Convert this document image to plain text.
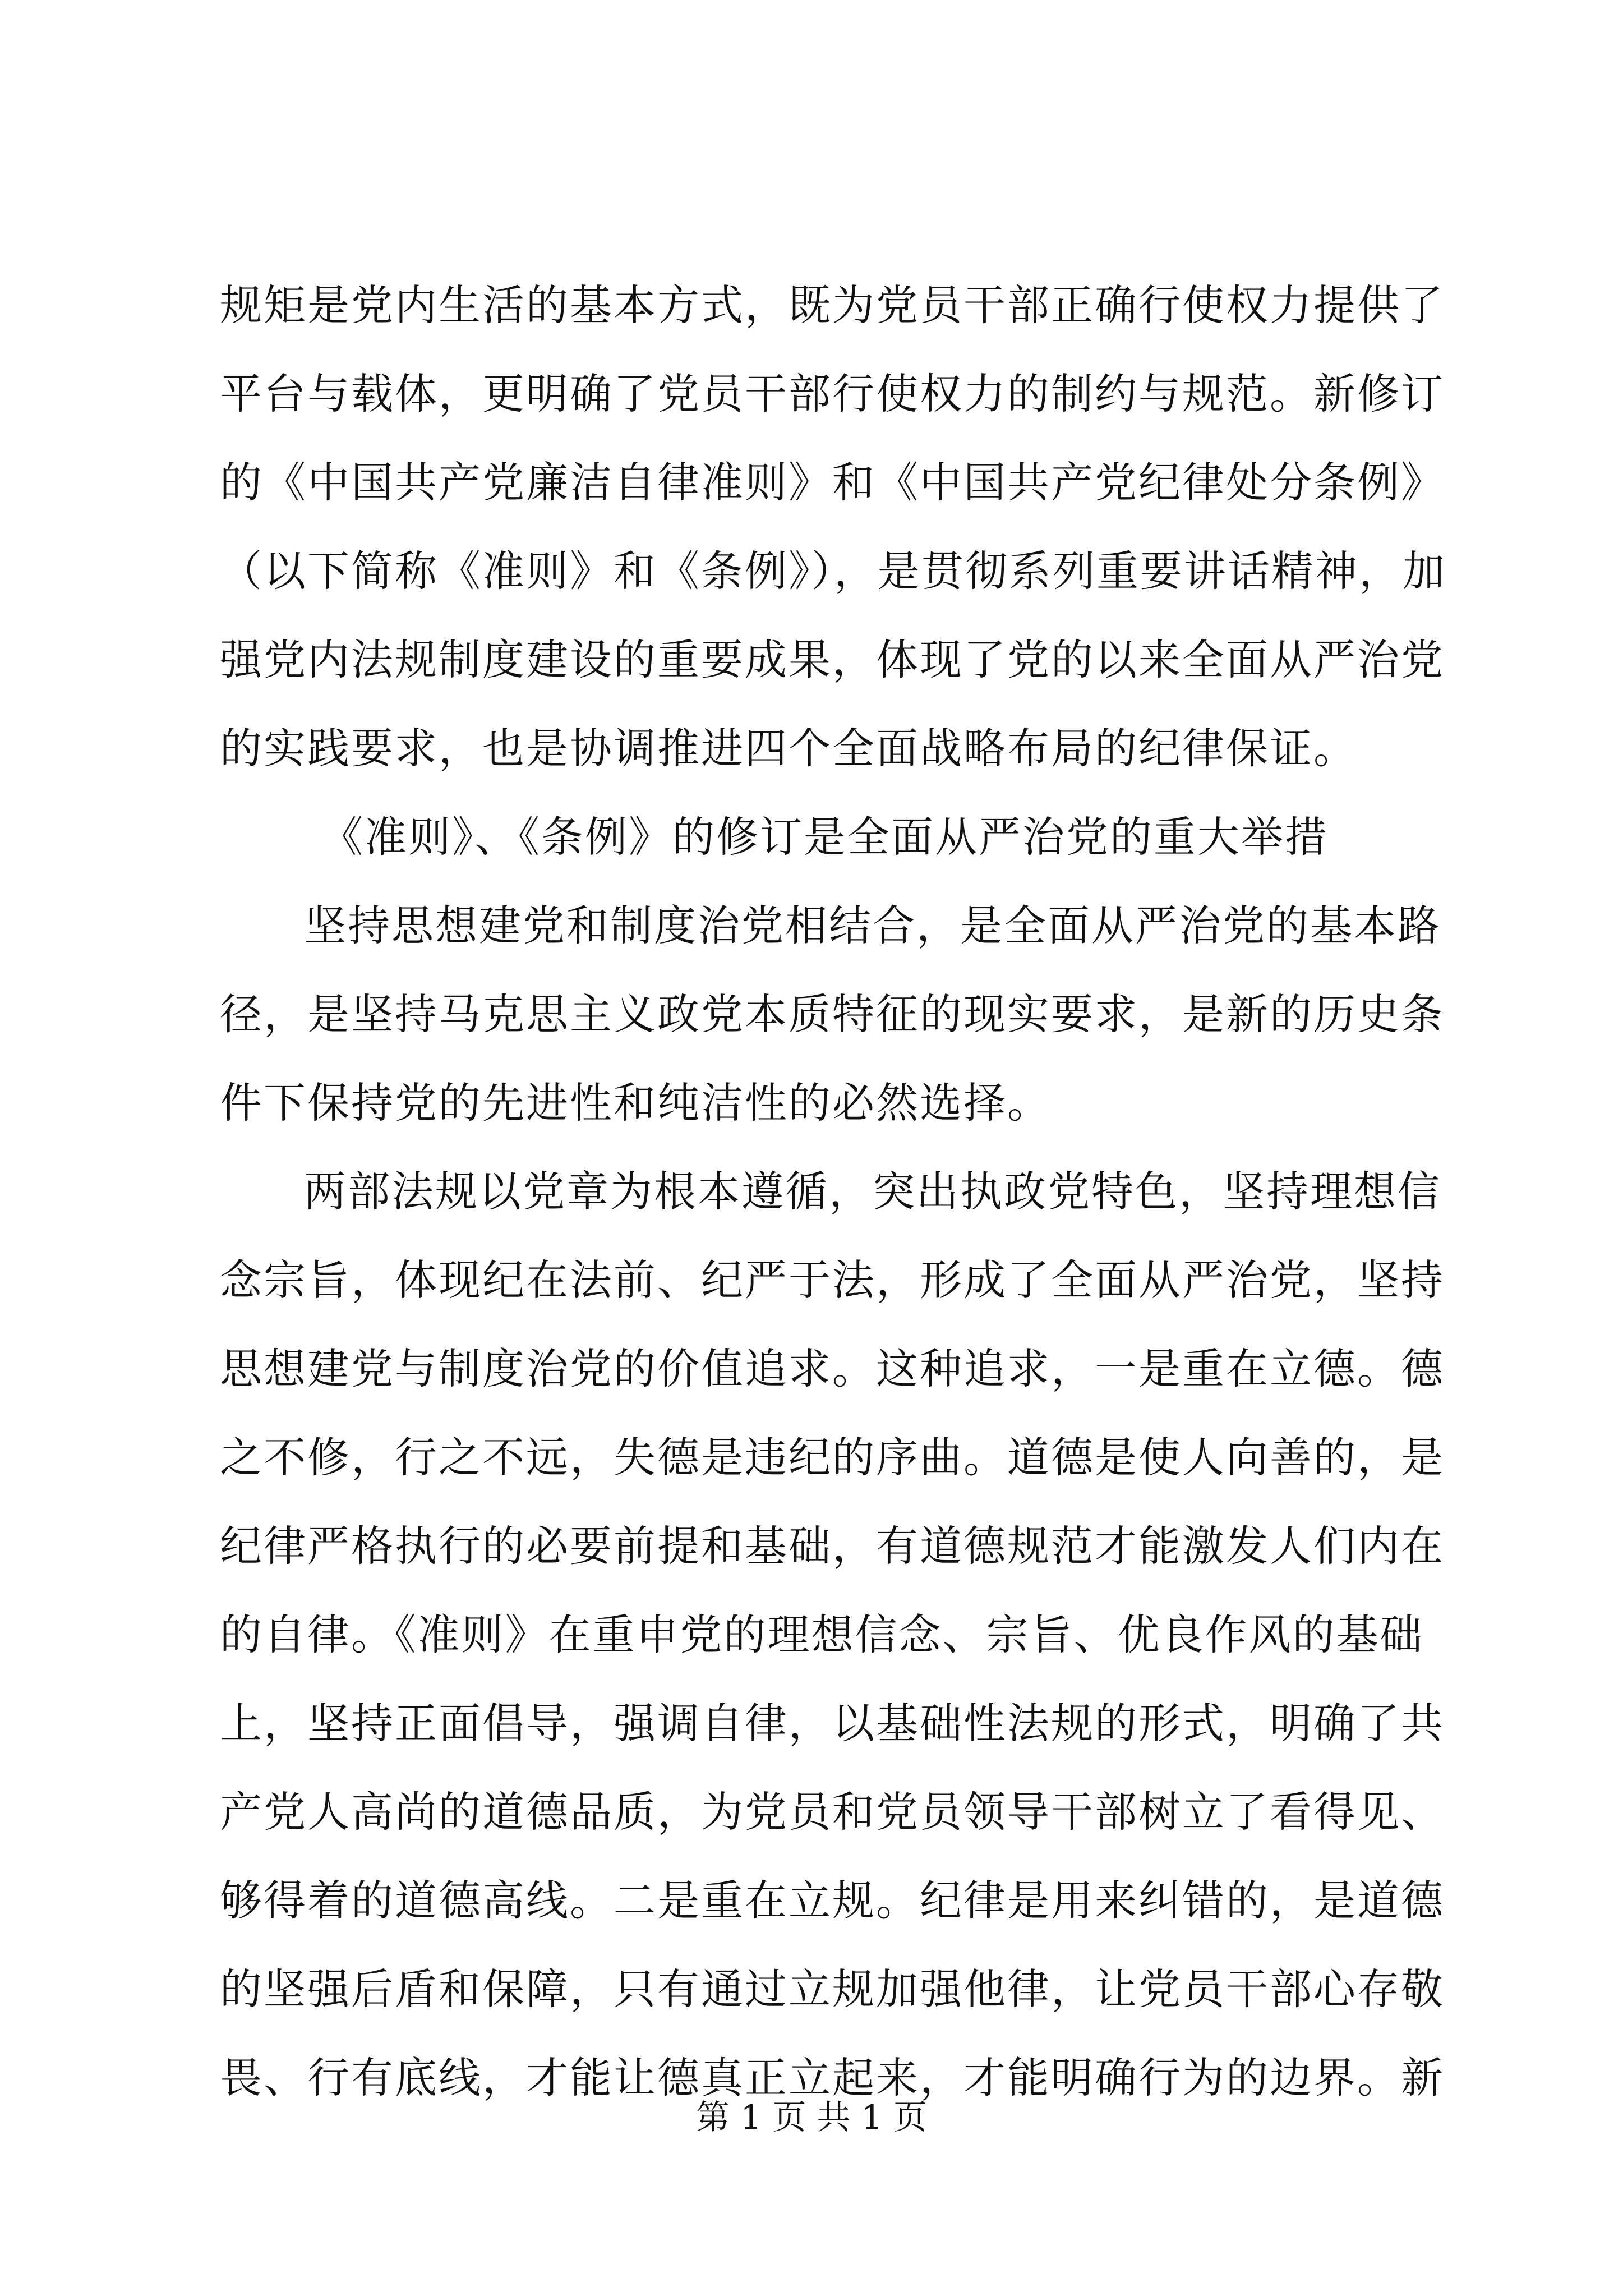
规矩是党内生活的基本方式，既为党员干部正确行使权力提供了
平台与载体，更明确了党员干部行使权力的制约与规范。新修订
的《中国共产党廉洁自律准则》和《中国共产党纪律处分条例》
（以下简称《准则》和《条例》），是贯彻系列重要讲话精神，加
强党内法规制度建设的重要成果，体现了党的以来全面从严治党
的实践要求，也是协调推进四个全面战略布局的纪律保证。
《准则》、《条例》的修订是全面从严治党的重大举措
坚持思想建党和制度治党相结合，是全面从严治党的基本路
径，是坚持马克思主义政党本质特征的现实要求，是新的历史条
件下保持党的先进性和纯洁性的必然选择。
两部法规以党章为根本遵循，突出执政党特色，坚持理想信
念宗旨，体现纪在法前、纪严于法，形成了全面从严治党，坚持
思想建党与制度治党的价值追求。这种追求，一是重在立德。德
之不修，行之不远，失德是违纪的序曲。道德是使人向善的，是
纪律严格执行的必要前提和基础，有道德规范才能激发人们内在
的自律。《准则》在重申党的理想信念、宗旨、优良作风的基础
上，坚持正面倡导，强调自律，以基础性法规的形式，明确了共
产党人高尚的道德品质，为党员和党员领导干部树立了看得见、
够得着的道德高线。二是重在立规。纪律是用来纠错的，是道德
的坚强后盾和保障，只有通过立规加强他律，让党员干部心存敬
畏、行有底线，才能让德真正立起来，才能明确行为的边界。新
第 1 页 共 1 页
